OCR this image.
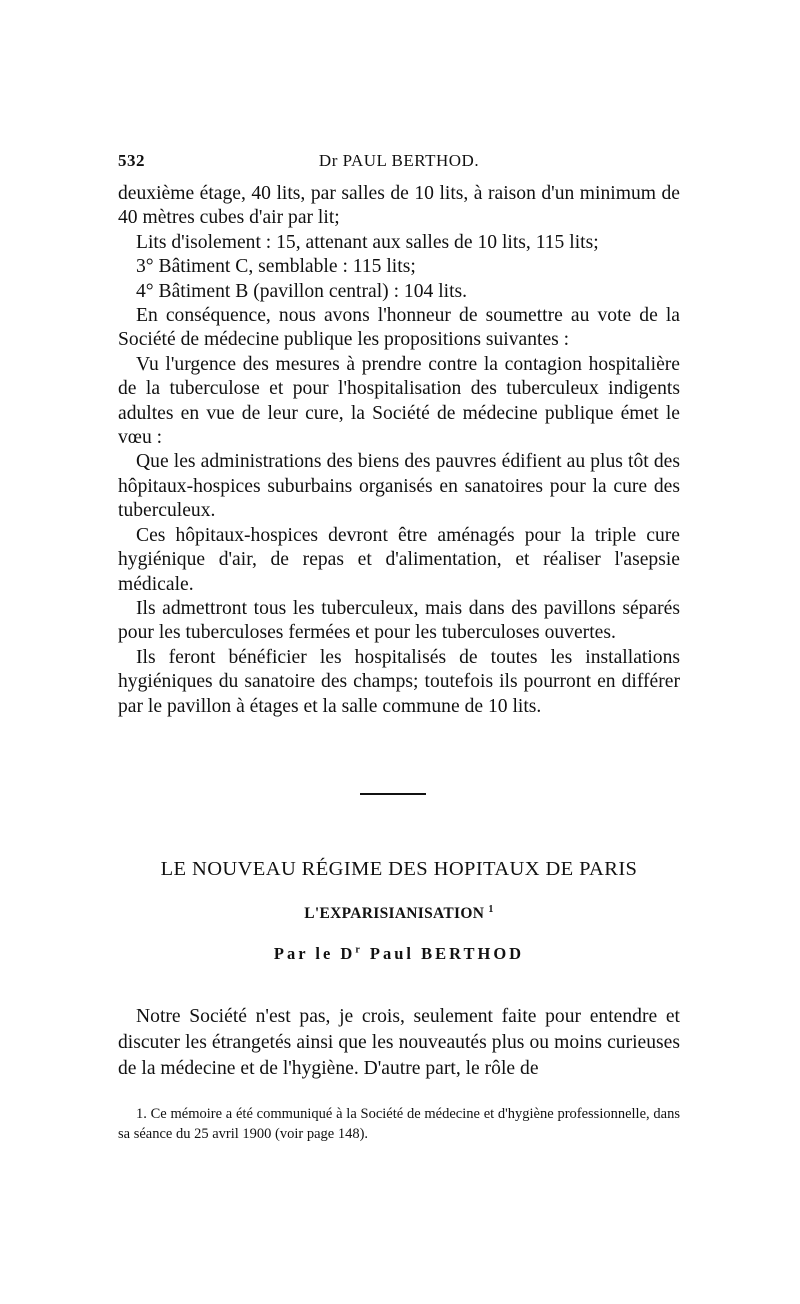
532	Dr PAUL BERTHOD.

deuxième étage, 40 lits, par salles de 10 lits, à raison d'un minimum de 40 mètres cubes d'air par lit;

Lits d'isolement : 15, attenant aux salles de 10 lits, 115 lits;

3° Bâtiment C, semblable : 115 lits;

4° Bâtiment B (pavillon central) : 104 lits.

En conséquence, nous avons l'honneur de soumettre au vote de la Société de médecine publique les propositions suivantes :

Vu l'urgence des mesures à prendre contre la contagion hospitalière de la tuberculose et pour l'hospitalisation des tuberculeux indigents adultes en vue de leur cure, la Société de médecine publique émet le vœu :

Que les administrations des biens des pauvres édifient au plus tôt des hôpitaux-hospices suburbains organisés en sanatoires pour la cure des tuberculeux.

Ces hôpitaux-hospices devront être aménagés pour la triple cure hygiénique d'air, de repas et d'alimentation, et réaliser l'asepsie médicale.

Ils admettront tous les tuberculeux, mais dans des pavillons séparés pour les tuberculoses fermées et pour les tuberculoses ouvertes.

Ils feront bénéficier les hospitalisés de toutes les installations hygiéniques du sanatoire des champs; toutefois ils pourront en différer par le pavillon à étages et la salle commune de 10 lits.

LE NOUVEAU RÉGIME DES HOPITAUX DE PARIS
L'EXPARISIANISATION $^1$
Par le $D^r$ Paul BERTHOD

Notre Société n'est pas, je crois, seulement faite pour entendre et discuter les étrangetés ainsi que les nouveautés plus ou moins curieuses de la médecine et de l'hygiène. D'autre part, le rôle de

1. Ce mémoire a été communiqué à la Société de médecine et d'hygiène professionnelle, dans sa séance du 25 avril 1900 (voir page 148).
